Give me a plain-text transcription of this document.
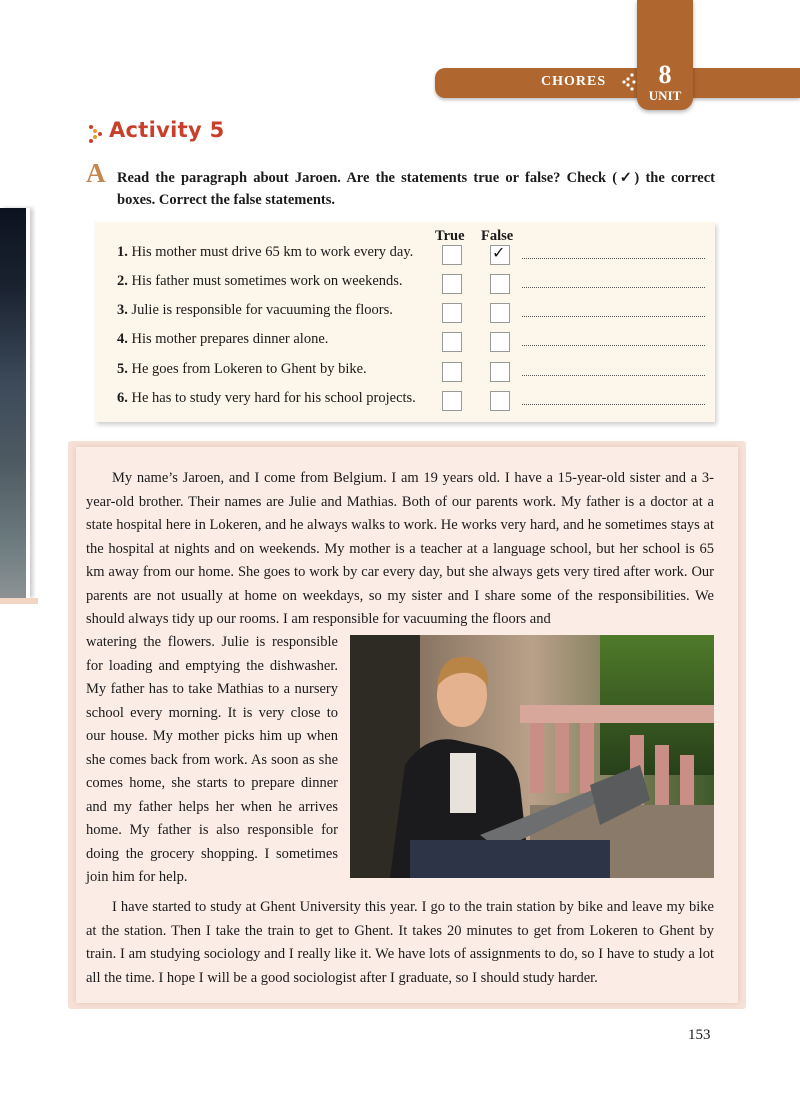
CHORES	8
UNIT
Activity 5
A Read the paragraph about Jaroen. Are the statements true or false? Check (✓) the correct boxes. Correct the false statements.
True False
1. His mother must drive 65 km to work every day.	✓
2. His father must sometimes work on weekends.
3. Julie is responsible for vacuuming the floors.
4. His mother prepares dinner alone.
5. He goes from Lokeren to Ghent by bike.
6. He has to study very hard for his school projects.
My name’s Jaroen, and I come from Belgium. I am 19 years old. I have a 15-year-old sister and a 3-year-old brother. Their names are Julie and Mathias. Both of our parents work. My father is a doctor at a state hospital here in Lokeren, and he always walks to work. He works very hard, and he sometimes stays at the hospital at nights and on weekends. My mother is a teacher at a language school, but her school is 65 km away from our home. She goes to work by car every day, but she always gets very tired after work. Our parents are not usually at home on weekdays, so my sister and I share some of the responsibilities. We should always tidy up our rooms. I am responsible for vacuuming the floors and
watering the flowers. Julie is responsible for loading and emptying the dishwasher. My father has to take Mathias to a nursery school every morning. It is very close to our house. My mother picks him up when she comes back from work. As soon as she comes home, she starts to prepare dinner and my father helps her when he arrives home. My father is also responsible for doing the grocery shopping. I sometimes join him for help.
I have started to study at Ghent University this year. I go to the train station by bike and leave my bike at the station. Then I take the train to get to Ghent. It takes 20 minutes to get from Lokeren to Ghent by train. I am studying sociology and I really like it. We have lots of assignments to do, so I have to study a lot all the time. I hope I will be a good sociologist after I graduate, so I should study harder.
153
